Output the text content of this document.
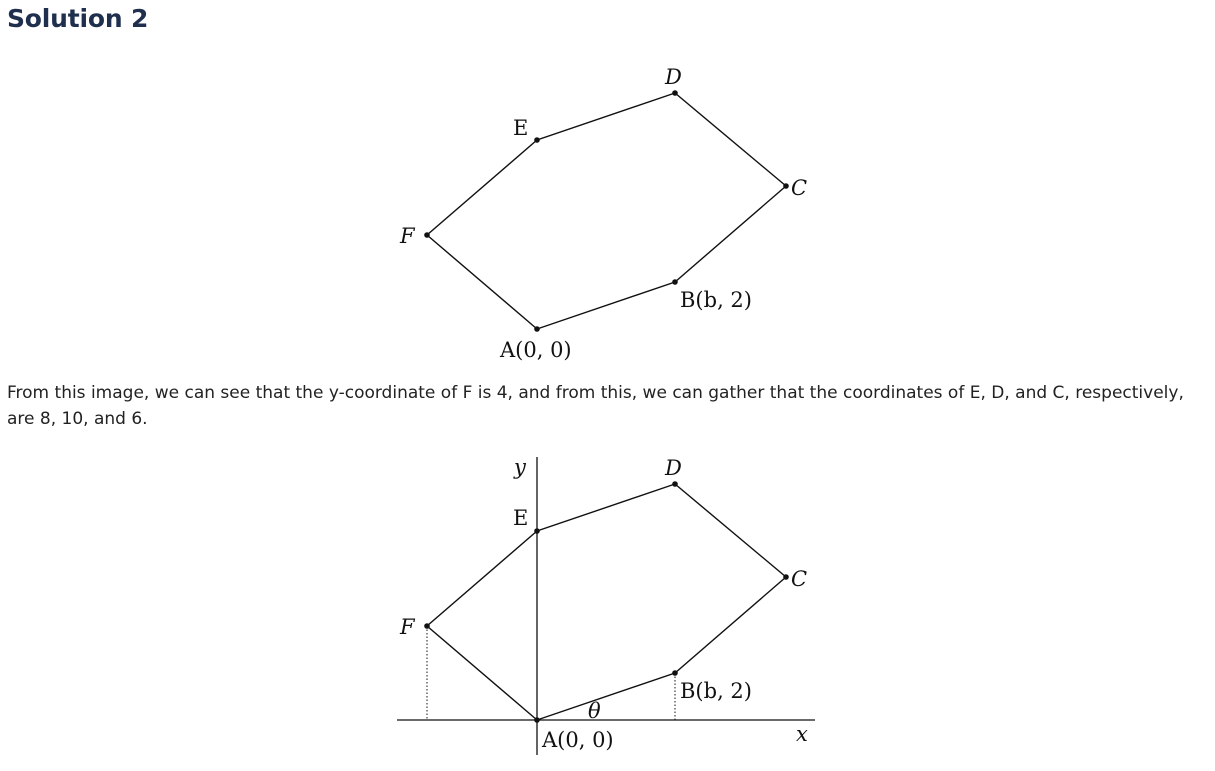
Solution 2
A(0, 0)
B(b, 2)
C
D
E
F

From this image, we can see that the y-coordinate of F is 4, and from this, we can gather that the coordinates of E, D, and C, respectively, are 8, 10, and 6.

y
x
θ
A(0, 0)
B(b, 2)
C
D
E
F
